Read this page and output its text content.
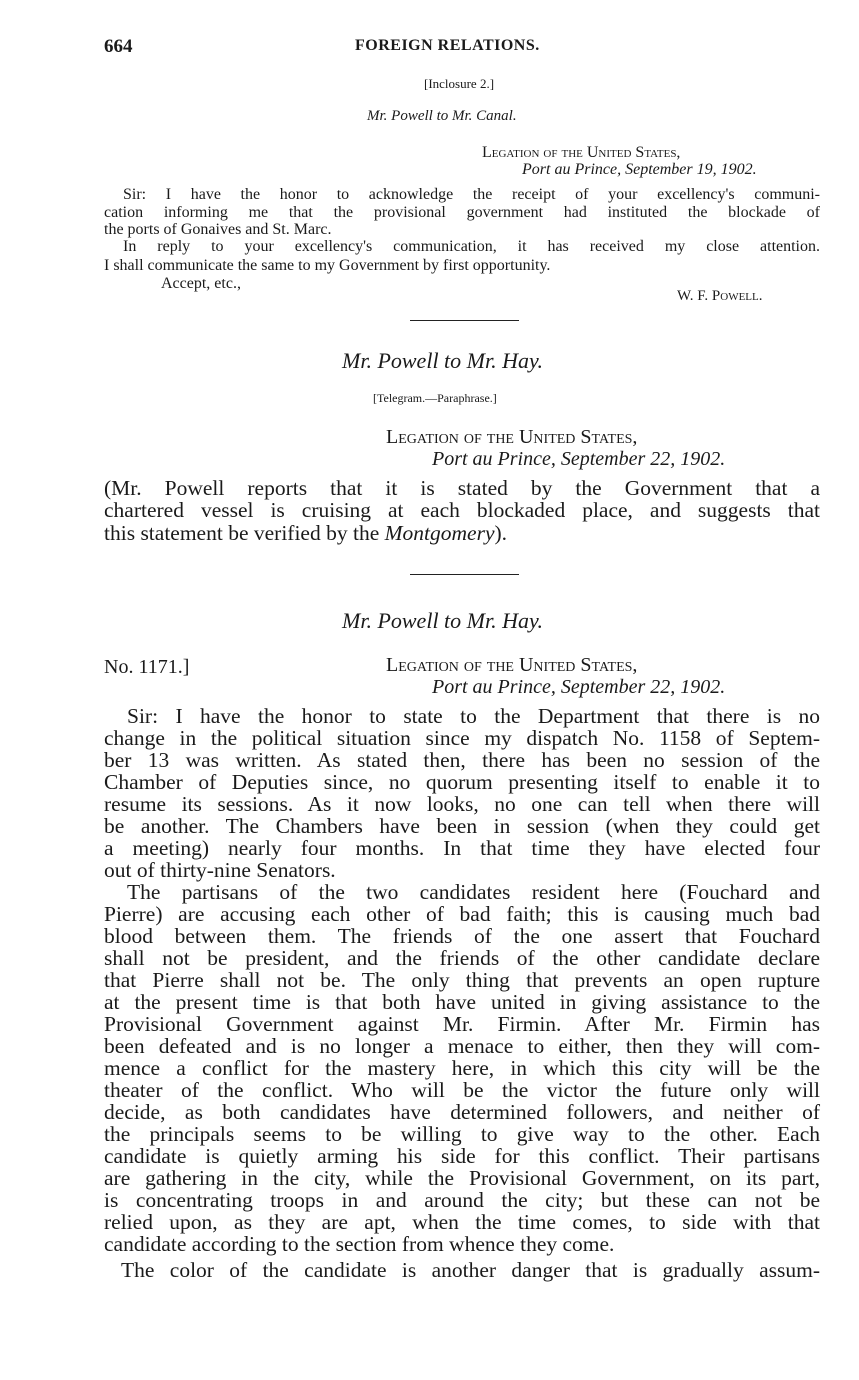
664	FOREIGN RELATIONS.
[Inclosure 2.]
Mr. Powell to Mr. Canal.
Legation of the United States,
Port au Prince, September 19, 1902.
Sir: I have the honor to acknowledge the receipt of your excellency's communi-
cation informing me that the provisional government had instituted the blockade of
the ports of Gonaives and St. Marc.
In reply to your excellency's communication, it has received my close attention.
I shall communicate the same to my Government by first opportunity.
Accept, etc.,
W. F. Powell.
Mr. Powell to Mr. Hay.
[Telegram.—Paraphrase.]
Legation of the United States,
Port au Prince, September 22, 1902.
(Mr. Powell reports that it is stated by the Government that a
chartered vessel is cruising at each blockaded place, and suggests that
this statement be verified by the Montgomery).
Mr. Powell to Mr. Hay.
No. 1171.]	Legation of the United States,
Port au Prince, September 22, 1902.
Sir: I have the honor to state to the Department that there is no
change in the political situation since my dispatch No. 1158 of Septem-
ber 13 was written. As stated then, there has been no session of the
Chamber of Deputies since, no quorum presenting itself to enable it to
resume its sessions. As it now looks, no one can tell when there will
be another. The Chambers have been in session (when they could get
a meeting) nearly four months. In that time they have elected four
out of thirty-nine Senators.
The partisans of the two candidates resident here (Fouchard and
Pierre) are accusing each other of bad faith; this is causing much bad
blood between them. The friends of the one assert that Fouchard
shall not be president, and the friends of the other candidate declare
that Pierre shall not be. The only thing that prevents an open rupture
at the present time is that both have united in giving assistance to the
Provisional Government against Mr. Firmin. After Mr. Firmin has
been defeated and is no longer a menace to either, then they will com-
mence a conflict for the mastery here, in which this city will be the
theater of the conflict. Who will be the victor the future only will
decide, as both candidates have determined followers, and neither of
the principals seems to be willing to give way to the other. Each
candidate is quietly arming his side for this conflict. Their partisans
are gathering in the city, while the Provisional Government, on its part,
is concentrating troops in and around the city; but these can not be
relied upon, as they are apt, when the time comes, to side with that
candidate according to the section from whence they come.
The color of the candidate is another danger that is gradually assum-
